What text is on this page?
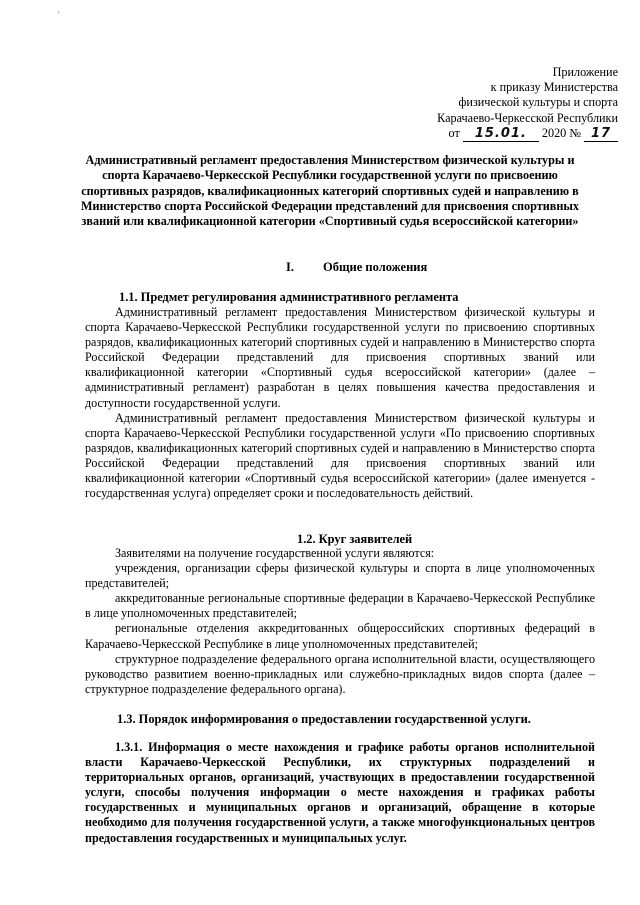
'
Приложение
к приказу Министерства
физической культуры и спорта
Карачаево-Черкесской Республики
от 15.01. 2020 № 17
Административный регламент предоставления Министерством физической культуры и спорта Карачаево-Черкесской Республики государственной услуги по присвоению спортивных разрядов, квалификационных категорий спортивных судей и направлению в Министерство спорта Российской Федерации представлений для присвоения спортивных званий или квалификационной категории «Спортивный судья всероссийской категории»
I. Общие положения
1.1. Предмет регулирования административного регламента

Административный регламент предоставления Министерством физической культуры и спорта Карачаево-Черкесской Республики государственной услуги по присвоению спортивных разрядов, квалификационных категорий спортивных судей и направлению в Министерство спорта Российской Федерации представлений для присвоения спортивных званий или квалификационной категории «Спортивный судья всероссийской категории» (далее – административный регламент) разработан в целях повышения качества предоставления и доступности государственной услуги.

Административный регламент предоставления Министерством физической культуры и спорта Карачаево-Черкесской Республики государственной услуги «По присвоению спортивных разрядов, квалификационных категорий спортивных судей и направлению в Министерство спорта Российской Федерации представлений для присвоения спортивных званий или квалификационной категории «Спортивный судья всероссийской категории» (далее именуется - государственная услуга) определяет сроки и последовательность действий.

1.2. Круг заявителей

Заявителями на получение государственной услуги являются:

учреждения, организации сферы физической культуры и спорта в лице уполномоченных представителей;

аккредитованные региональные спортивные федерации в Карачаево-Черкесской Республике в лице уполномоченных представителей;

региональные отделения аккредитованных общероссийских спортивных федераций в Карачаево-Черкесской Республике в лице уполномоченных представителей;

структурное подразделение федерального органа исполнительной власти, осуществляющего руководство развитием военно-прикладных или служебно-прикладных видов спорта (далее – структурное подразделение федерального органа).

1.3. Порядок информирования о предоставлении государственной услуги.

1.3.1. Информация о месте нахождения и графике работы органов исполнительной власти Карачаево-Черкесской Республики, их структурных подразделений и территориальных органов, организаций, участвующих в предоставлении государственной услуги, способы получения информации о месте нахождения и графиках работы государственных и муниципальных органов и организаций, обращение в которые необходимо для получения государственной услуги, а также многофункциональных центров предоставления государственных и муниципальных услуг.
